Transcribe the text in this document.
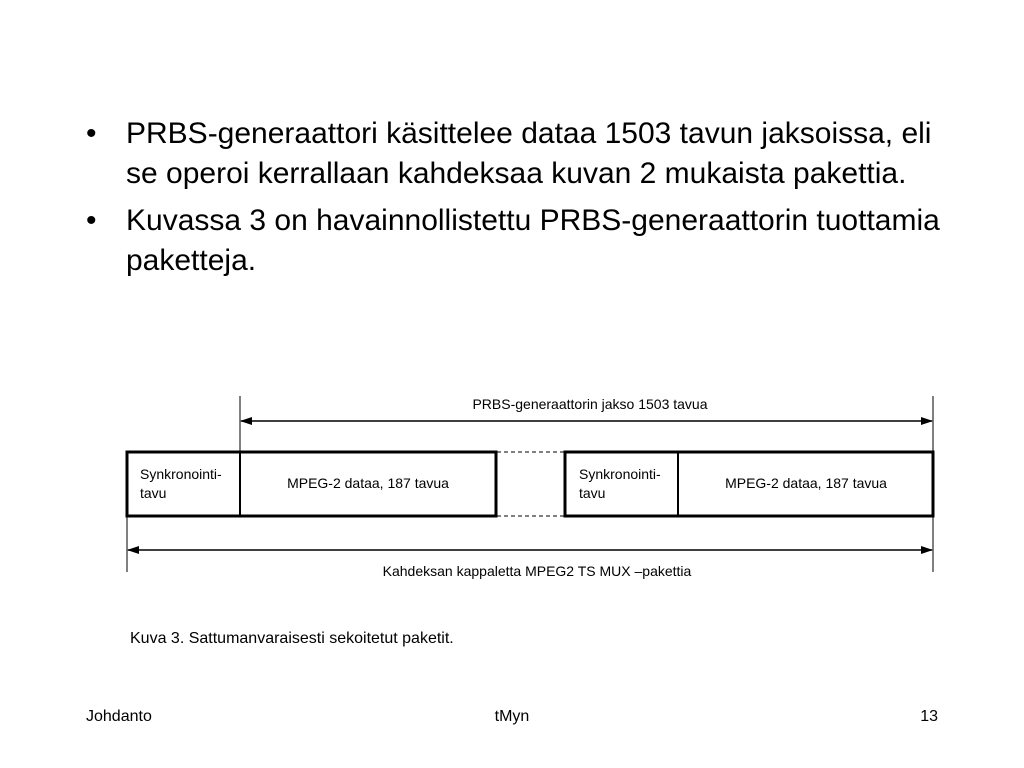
• PRBS-generaattori käsittelee dataa 1503 tavun jaksoissa, eli se operoi kerrallaan kahdeksaa kuvan 2 mukaista pakettia.
• Kuvassa 3 on havainnollistettu PRBS-generaattorin tuottamia paketteja.
PRBS-generaattorin jakso 1503 tavua
Synkronointi-
tavu
MPEG-2 dataa, 187 tavua
Synkronointi-
tavu
MPEG-2 dataa, 187 tavua
Kahdeksan kappaletta MPEG2 TS MUX –pakettia
Kuva 3. Sattumanvaraisesti sekoitetut paketit.
Johdanto	tMyn	13
